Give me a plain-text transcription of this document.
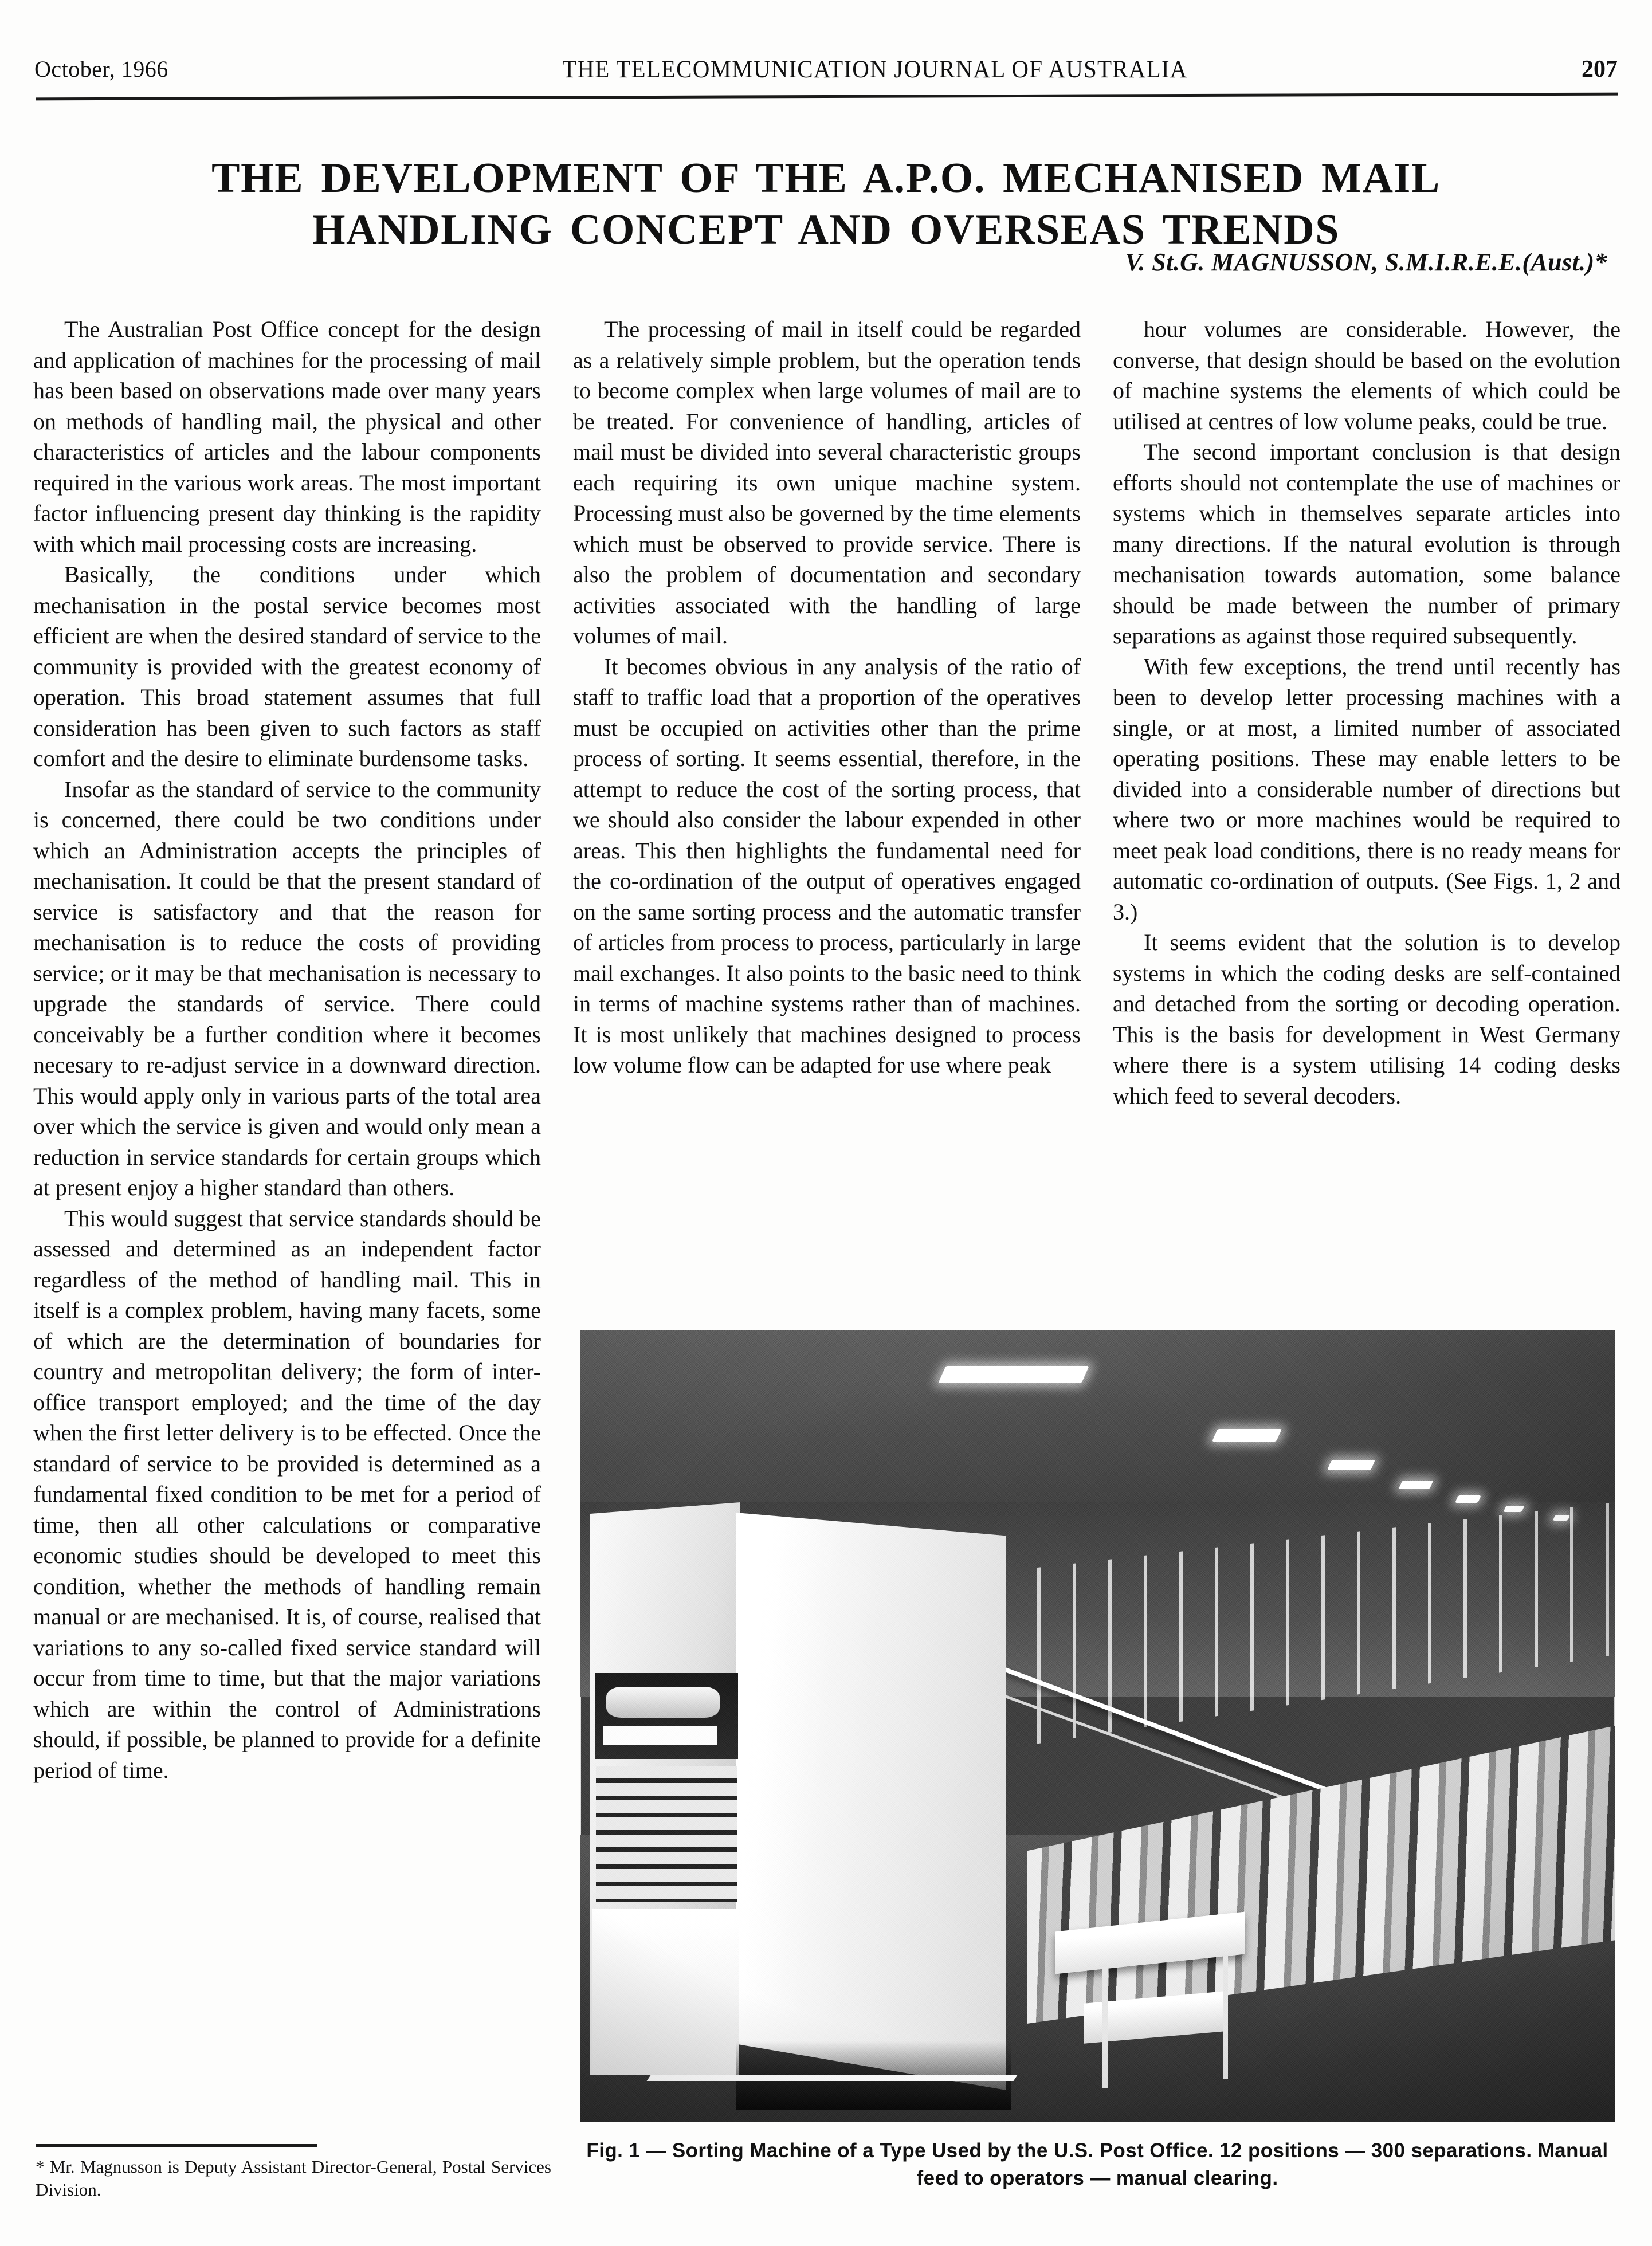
October, 1966	THE TELECOMMUNICATION JOURNAL OF AUSTRALIA	207
THE DEVELOPMENT OF THE A.P.O. MECHANISED MAIL
HANDLING CONCEPT AND OVERSEAS TRENDS
V. St.G. MAGNUSSON, S.M.I.R.E.E.(Aust.)*

The Australian Post Office concept for the design and application of machines for the processing of mail has been based on observations made over many years on methods of handling mail, the physical and other characteristics of articles and the labour components required in the various work areas. The most important factor influencing present day thinking is the rapidity with which mail processing costs are increasing.

Basically, the conditions under which mechanisation in the postal service becomes most efficient are when the desired standard of service to the community is provided with the greatest economy of operation. This broad statement assumes that full consideration has been given to such factors as staff comfort and the desire to eliminate burdensome tasks.

Insofar as the standard of service to the community is concerned, there could be two conditions under which an Administration accepts the principles of mechanisation. It could be that the present standard of service is satisfactory and that the reason for mechanisation is to reduce the costs of providing service; or it may be that mechanisation is necessary to upgrade the standards of service. There could conceivably be a further condition where it becomes necesary to re-adjust service in a downward direction. This would apply only in various parts of the total area over which the service is given and would only mean a reduction in service standards for certain groups which at present enjoy a higher standard than others.

This would suggest that service standards should be assessed and determined as an independent factor regardless of the method of handling mail. This in itself is a complex problem, having many facets, some of which are the determination of boundaries for country and metropolitan delivery; the form of inter-office transport employed; and the time of the day when the first letter delivery is to be effected. Once the standard of service to be provided is determined as a fundamental fixed condition to be met for a period of time, then all other calculations or comparative economic studies should be developed to meet this condition, whether the methods of handling remain manual or are mechanised. It is, of course, realised that variations to any so-called fixed service standard will occur from time to time, but that the major variations which are within the control of Administrations should, if possible, be planned to provide for a definite period of time.

The processing of mail in itself could be regarded as a relatively simple problem, but the operation tends to become complex when large volumes of mail are to be treated. For convenience of handling, articles of mail must be divided into several characteristic groups each requiring its own unique machine system. Processing must also be governed by the time elements which must be observed to provide service. There is also the problem of documentation and secondary activities associated with the handling of large volumes of mail.

It becomes obvious in any analysis of the ratio of staff to traffic load that a proportion of the operatives must be occupied on activities other than the prime process of sorting. It seems essential, therefore, in the attempt to reduce the cost of the sorting process, that we should also consider the labour expended in other areas. This then highlights the fundamental need for the co-ordination of the output of operatives engaged on the same sorting process and the automatic transfer of articles from process to process, particularly in large mail exchanges. It also points to the basic need to think in terms of machine systems rather than of machines. It is most unlikely that machines designed to process low volume flow can be adapted for use where peak

hour volumes are considerable. However, the converse, that design should be based on the evolution of machine systems the elements of which could be utilised at centres of low volume peaks, could be true.

The second important conclusion is that design efforts should not contemplate the use of machines or systems which in themselves separate articles into many directions. If the natural evolution is through mechanisation towards automation, some balance should be made between the number of primary separations as against those required subsequently.

With few exceptions, the trend until recently has been to develop letter processing machines with a single, or at most, a limited number of associated operating positions. These may enable letters to be divided into a considerable number of directions but where two or more machines would be required to meet peak load conditions, there is no ready means for automatic co-ordination of outputs. (See Figs. 1, 2 and 3.)

It seems evident that the solution is to develop systems in which the coding desks are self-contained and detached from the sorting or decoding operation. This is the basis for development in West Germany where there is a system utilising 14 coding desks which feed to several decoders.

* Mr. Magnusson is Deputy Assistant Director-General, Postal Services Division.
Fig. 1 — Sorting Machine of a Type Used by the U.S. Post Office. 12 positions — 300 separations. Manual feed to operators — manual clearing.
